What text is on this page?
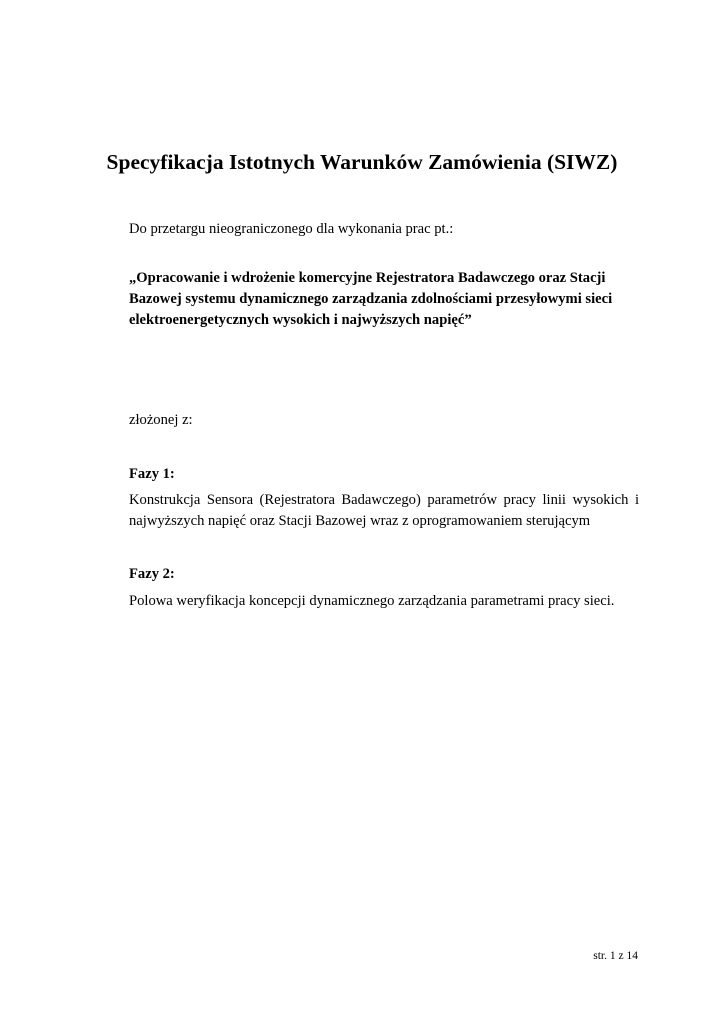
Specyfikacja Istotnych Warunków Zamówienia (SIWZ)

Do przetargu nieograniczonego dla wykonania prac pt.:

„Opracowanie i wdrożenie komercyjne Rejestratora Badawczego oraz Stacji
Bazowej systemu dynamicznego zarządzania zdolnościami przesyłowymi sieci
elektroenergetycznych wysokich i najwyższych napięć”

złożonej z:

Fazy 1:

Konstrukcja Sensora (Rejestratora Badawczego) parametrów pracy linii wysokich i
najwyższych napięć oraz Stacji Bazowej wraz z oprogramowaniem sterującym

Fazy 2:

Polowa weryfikacja koncepcji dynamicznego zarządzania parametrami pracy sieci.

str. 1 z 14
